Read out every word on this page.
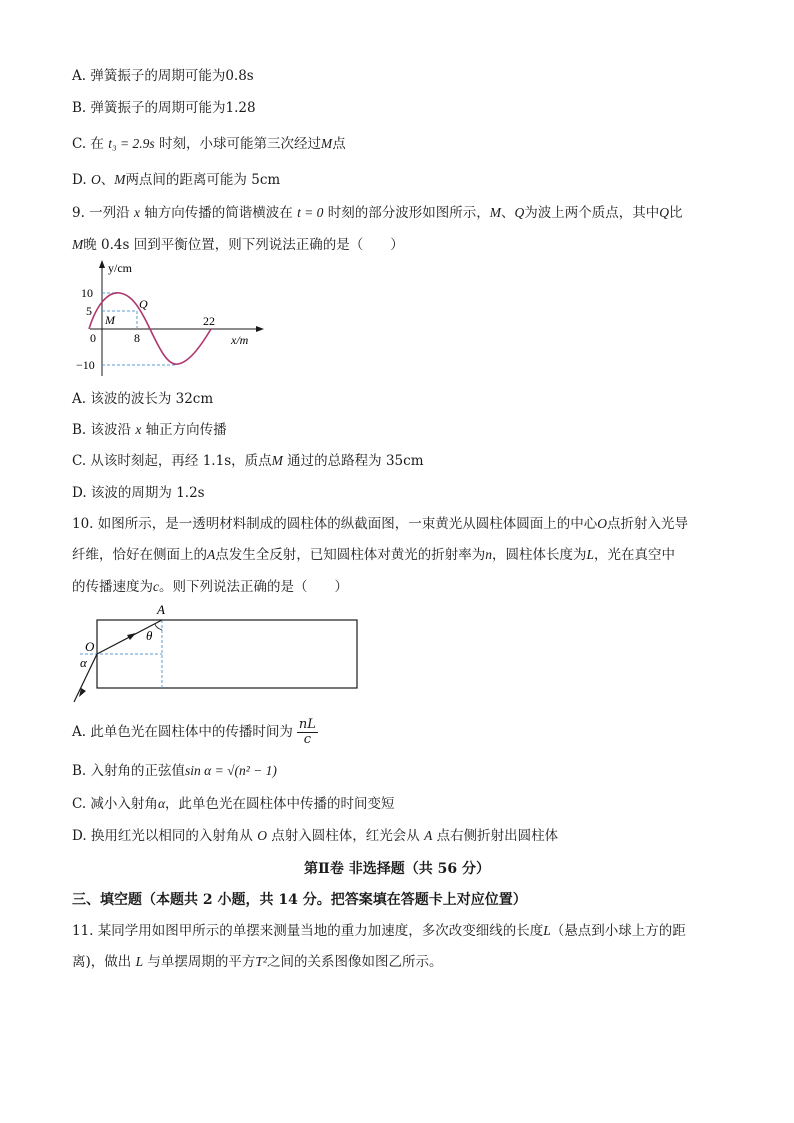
A. 弹簧振子的周期可能为0.8s
B. 弹簧振子的周期可能为1.28
C. 在 t₃ = 2.9s 时刻，小球可能第三次经过M点
D. O、M两点间的距离可能为 5cm
9. 一列沿 x 轴方向传播的简谐横波在 t = 0 时刻的部分波形如图所示，M、Q为波上两个质点，其中Q比
M晚 0.4s 回到平衡位置，则下列说法正确的是（　　）
y/cm
10
5
M
Q
0	8
22
x/m
−10
A. 该波的波长为 32cm
B. 该波沿 x 轴正方向传播
C. 从该时刻起，再经 1.1s，质点M 通过的总路程为 35cm
D. 该波的周期为 1.2s
10. 如图所示，是一透明材料制成的圆柱体的纵截面图，一束黄光从圆柱体圆面上的中心O点折射入光导
纤维，恰好在侧面上的A点发生全反射，已知圆柱体对黄光的折射率为n，圆柱体长度为L，光在真空中
的传播速度为c。则下列说法正确的是（　　）
A
θ
O
α
A. 此单色光在圆柱体中的传播时间为 $\frac{nL}{c}$
B. 入射角的正弦值sin α = √(n² − 1)
C. 减小入射角α，此单色光在圆柱体中传播的时间变短
D. 换用红光以相同的入射角从 O 点射入圆柱体，红光会从 A 点右侧折射出圆柱体
第Ⅱ卷 非选择题（共 56 分）
三、填空题（本题共 2 小题，共 14 分。把答案填在答题卡上对应位置）
11. 某同学用如图甲所示的单摆来测量当地的重力加速度，多次改变细线的长度L（悬点到小球上方的距
离)，做出 L 与单摆周期的平方T²之间的关系图像如图乙所示。
